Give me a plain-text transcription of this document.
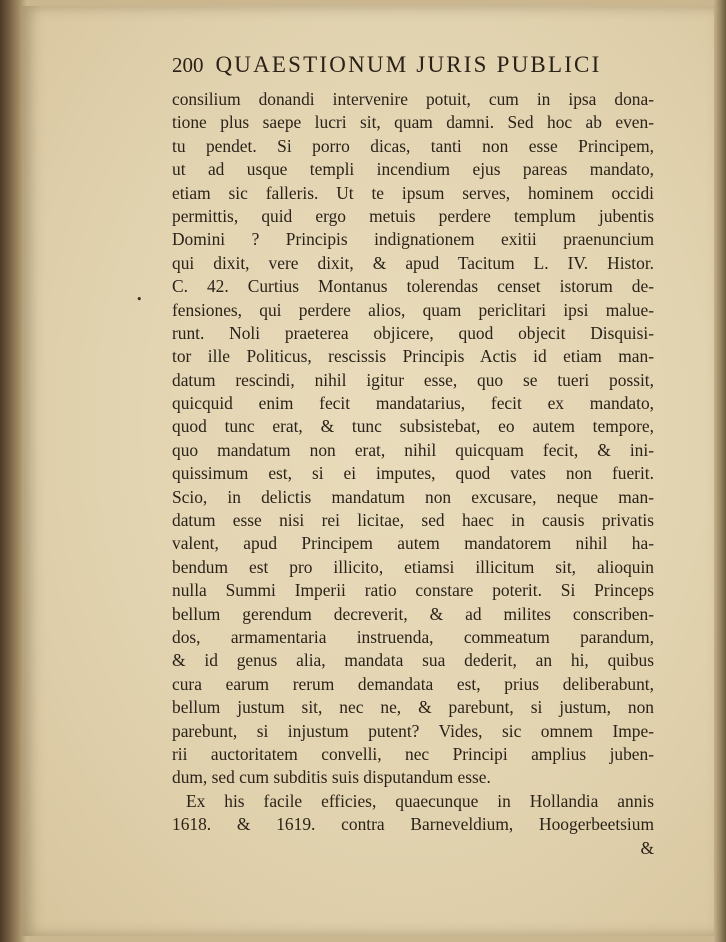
200 QUAESTIONUM JURIS PUBLICI
•
consilium donandi intervenire potuit, cum in ipsa dona-
tione plus saepe lucri sit, quam damni. Sed hoc ab even-
tu pendet. Si porro dicas, tanti non esse Principem,
ut ad usque templi incendium ejus pareas mandato,
etiam sic falleris. Ut te ipsum serves, hominem occidi
permittis, quid ergo metuis perdere templum jubentis
Domini ? Principis indignationem exitii praenuncium
qui dixit, vere dixit, & apud Tacitum L. IV. Histor.
C. 42. Curtius Montanus tolerendas censet istorum de-
fensiones, qui perdere alios, quam periclitari ipsi malue-
runt. Noli praeterea objicere, quod objecit Disquisi-
tor ille Politicus, rescissis Principis Actis id etiam man-
datum rescindi, nihil igitur esse, quo se tueri possit,
quicquid enim fecit mandatarius, fecit ex mandato,
quod tunc erat, & tunc subsistebat, eo autem tempore,
quo mandatum non erat, nihil quicquam fecit, & ini-
quissimum est, si ei imputes, quod vates non fuerit.
Scio, in delictis mandatum non excusare, neque man-
datum esse nisi rei licitae, sed haec in causis privatis
valent, apud Principem autem mandatorem nihil ha-
bendum est pro illicito, etiamsi illicitum sit, alioquin
nulla Summi Imperii ratio constare poterit. Si Princeps
bellum gerendum decreverit, & ad milites conscriben-
dos, armamentaria instruenda, commeatum parandum,
& id genus alia, mandata sua dederit, an hi, quibus
cura earum rerum demandata est, prius deliberabunt,
bellum justum sit, nec ne, & parebunt, si justum, non
parebunt, si injustum putent? Vides, sic omnem Impe-
rii auctoritatem convelli, nec Principi amplius juben-
dum, sed cum subditis suis disputandum esse.
Ex his facile efficies, quaecunque in Hollandia annis
1618. & 1619. contra Barneveldium, Hoogerbeetsium
&
